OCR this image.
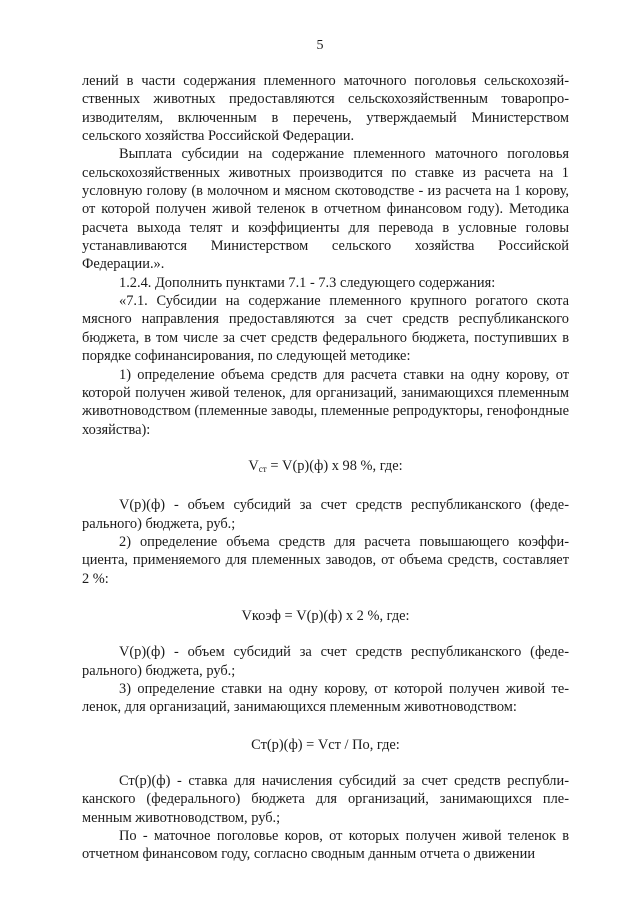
5

лений в части содержания племенного маточного поголовья сельскохозяйственных животных предоставляются сельскохозяйственным товаропроизводителям, включенным в перечень, утверждаемый Министерством сельского хозяйства Российской Федерации.

Выплата субсидии на содержание племенного маточного поголовья сельскохозяйственных животных производится по ставке из расчета на 1 условную голову (в молочном и мясном скотоводстве - из расчета на 1 корову, от которой получен живой теленок в отчетном финансовом году). Методика расчета выхода телят и коэффициенты для перевода в условные головы устанавливаются Министерством сельского хозяйства Российской Федерации.».

1.2.4. Дополнить пунктами 7.1 - 7.3 следующего содержания:

«7.1. Субсидии на содержание племенного крупного рогатого скота мясного направления предоставляются за счет средств республиканского бюджета, в том числе за счет средств федерального бюджета, поступивших в порядке софинансирования, по следующей методике:

1) определение объема средств для расчета ставки на одну корову, от которой получен живой теленок, для организаций, занимающихся племенным животноводством (племенные заводы, племенные репродукторы, генофондные хозяйства):

$V_{ст} = V(р)(ф)$ х 98 %, где:

V(р)(ф) - объем субсидий за счет средств республиканского (федерального) бюджета, руб.;

2) определение объема средств для расчета повышающего коэффициента, применяемого для племенных заводов, от объема средств, составляет 2 %:

Vкоэф = V(р)(ф) х 2 %, где:

V(р)(ф) - объем субсидий за счет средств республиканского (федерального) бюджета, руб.;

3) определение ставки на одну корову, от которой получен живой теленок, для организаций, занимающихся племенным животноводством:

Ст(р)(ф) = Vст / По, где:

Ст(р)(ф) - ставка для начисления субсидий за счет средств республиканского (федерального) бюджета для организаций, занимающихся племенным животноводством, руб.;

По - маточное поголовье коров, от которых получен живой теленок в отчетном финансовом году, согласно сводным данным отчета о движении
